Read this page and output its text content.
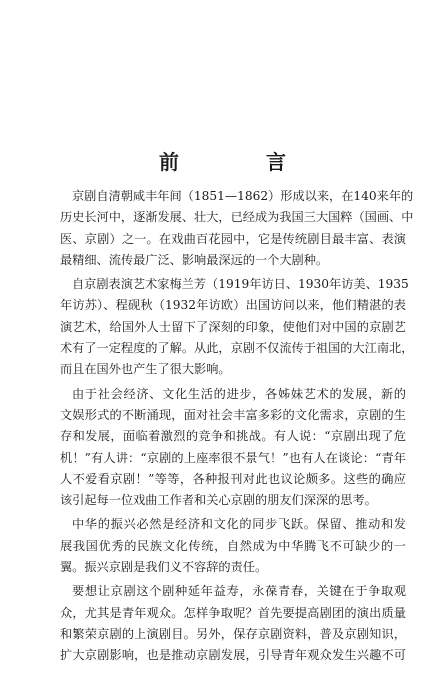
前 言
京剧自清朝咸丰年间（1851—1862）形成以来，在140来年的
历史长河中，逐渐发展、壮大，已经成为我国三大国粹（国画、中
医、京剧）之一。在戏曲百花园中，它是传统剧目最丰富、表演
最精细、流传最广泛、影响最深远的一个大剧种。
自京剧表演艺术家梅兰芳（1919年访日、1930年访美、1935
年访苏）、程砚秋（1932年访欧）出国访问以来，他们精湛的表
演艺术，给国外人士留下了深刻的印象，使他们对中国的京剧艺
术有了一定程度的了解。从此，京剧不仅流传于祖国的大江南北，
而且在国外也产生了很大影响。
由于社会经济、文化生活的进步，各姊妹艺术的发展，新的
文娱形式的不断涌现，面对社会丰富多彩的文化需求，京剧的生
存和发展，面临着激烈的竞争和挑战。有人说：“京剧出现了危
机！”有人讲：“京剧的上座率很不景气！”也有人在谈论：“青年
人不爱看京剧！”等等，各种报刊对此也议论颇多。这些的确应
该引起每一位戏曲工作者和关心京剧的朋友们深深的思考。
中华的振兴必然是经济和文化的同步飞跃。保留、推动和发
展我国优秀的民族文化传统，自然成为中华腾飞不可缺少的一
翼。振兴京剧是我们义不容辞的责任。
要想让京剧这个剧种延年益寿，永葆青春，关键在于争取观
众，尤其是青年观众。怎样争取呢？首先要提高剧团的演出质量
和繁荣京剧的上演剧目。另外，保存京剧资料，普及京剧知识，
扩大京剧影响，也是推动京剧发展，引导青年观众发生兴趣不可
